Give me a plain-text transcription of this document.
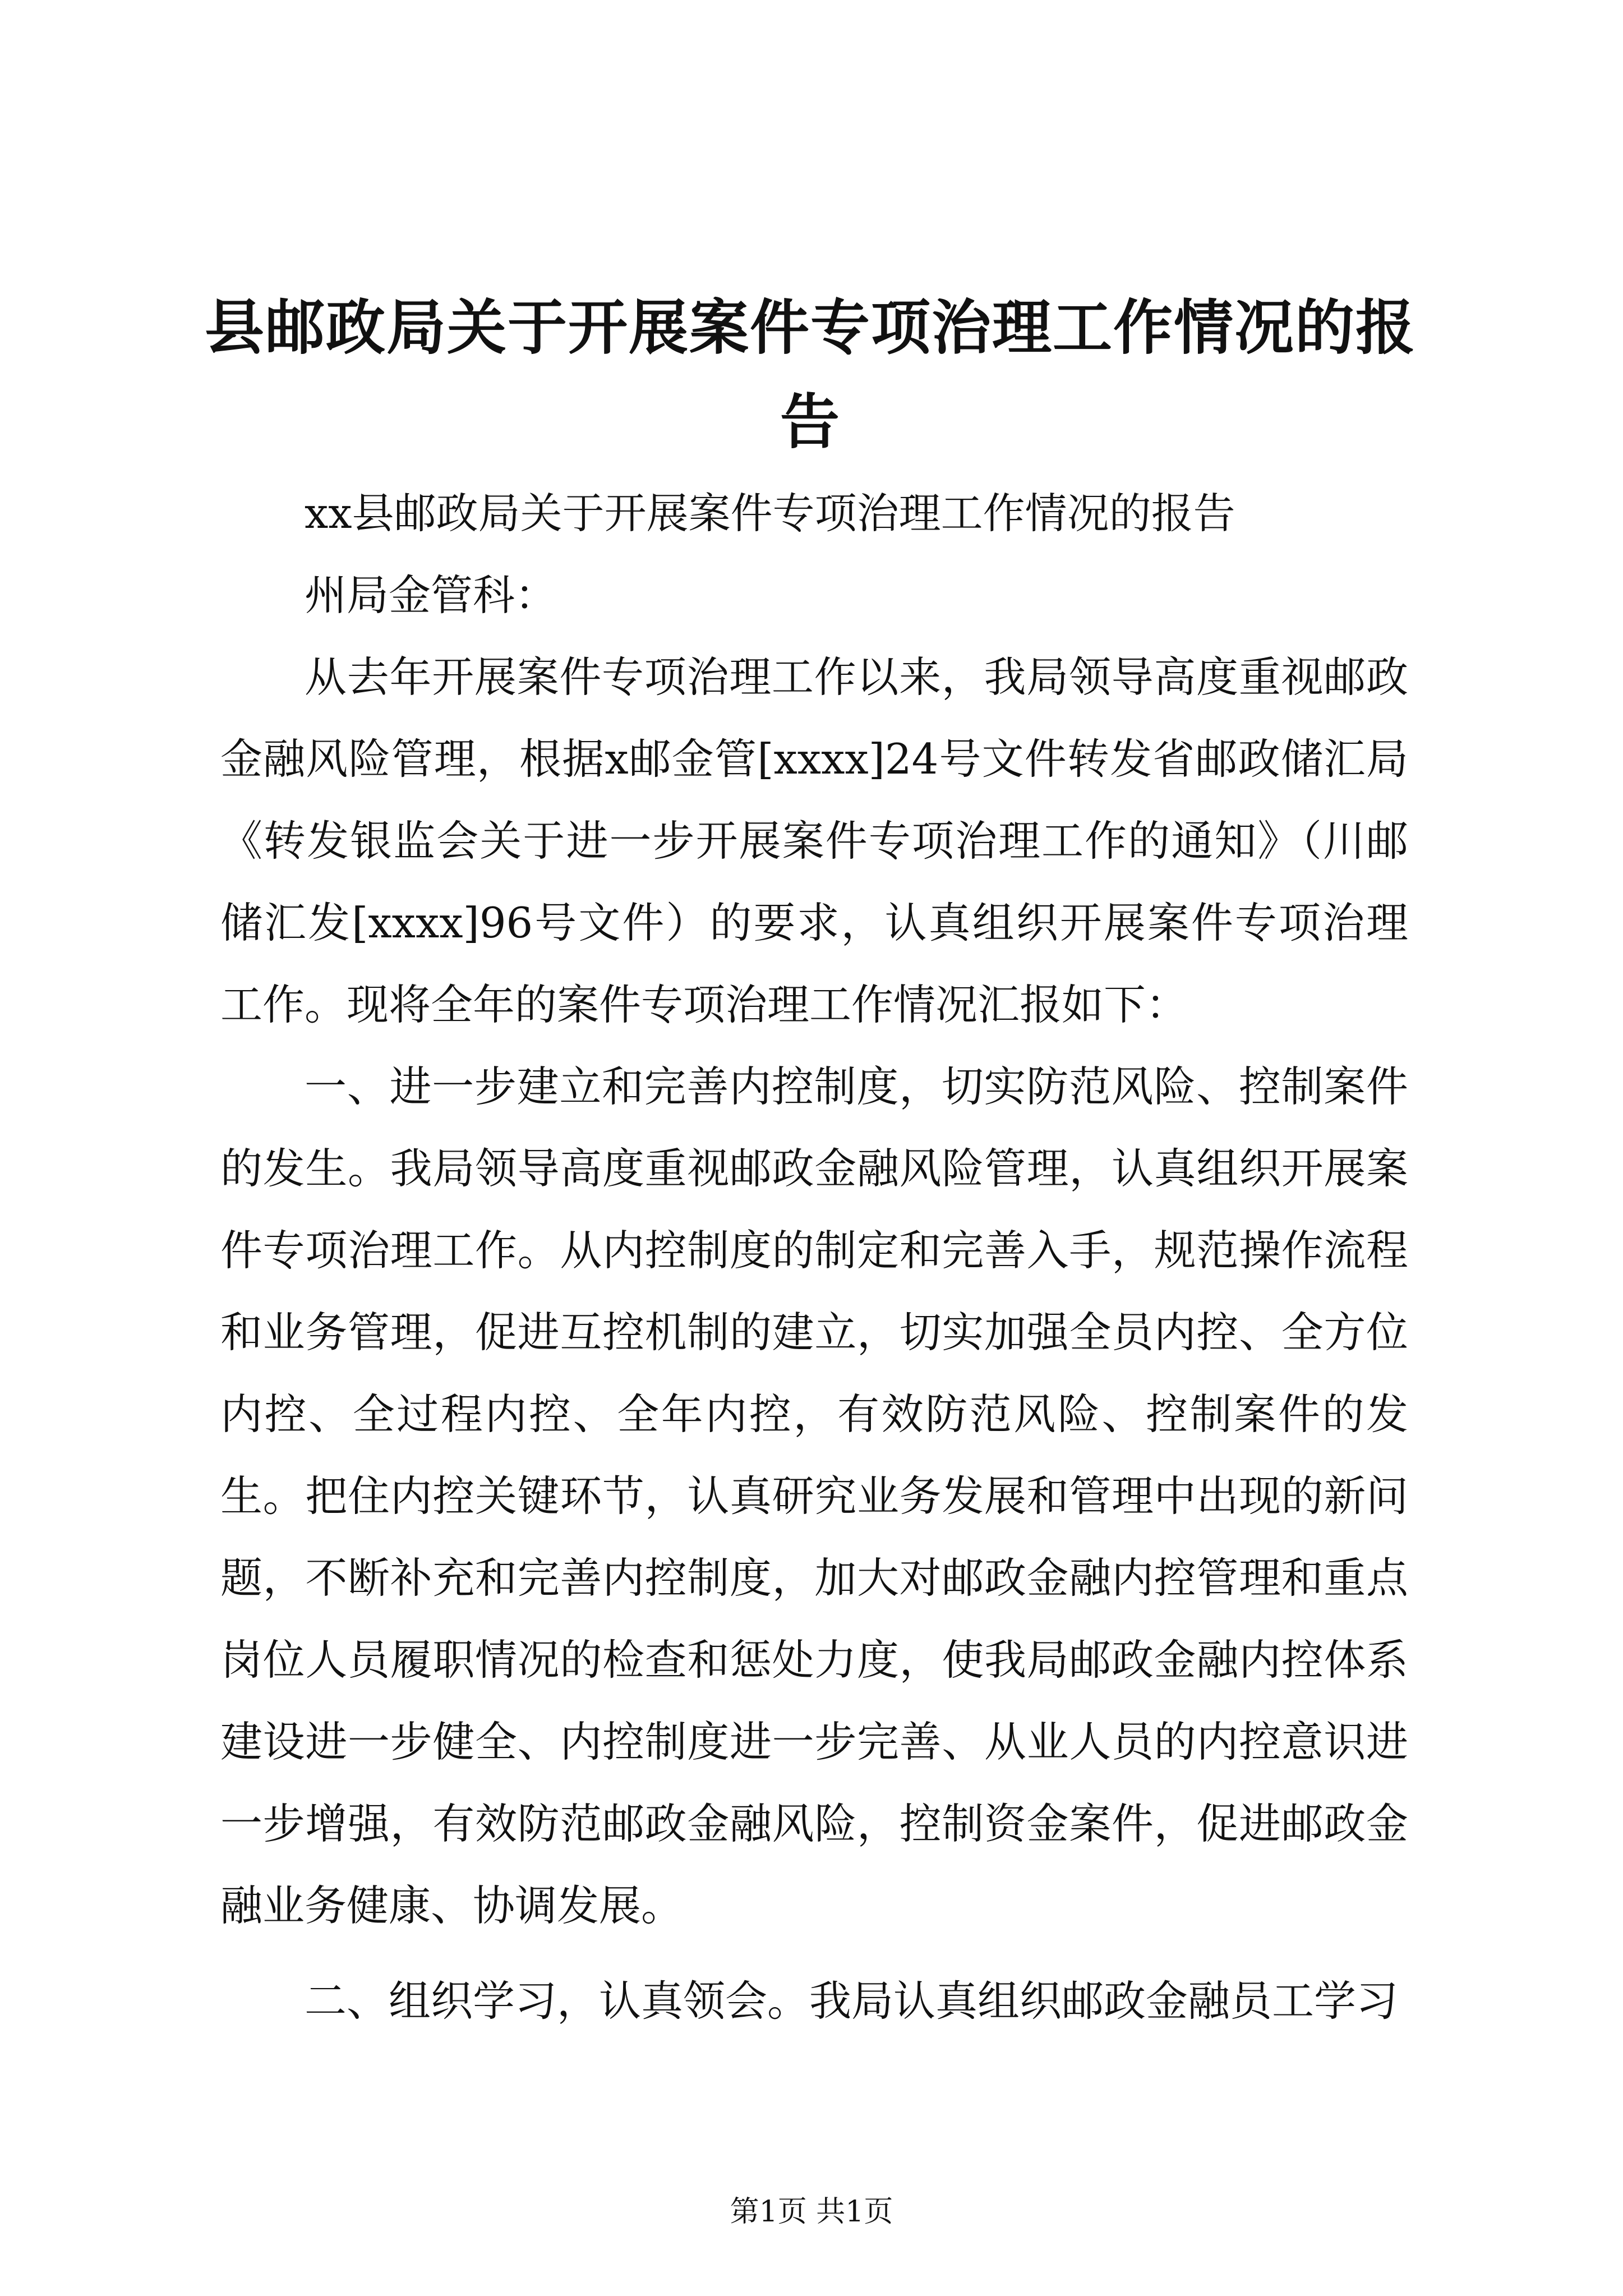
县邮政局关于开展案件专项治理工作情况的报告

xx县邮政局关于开展案件专项治理工作情况的报告

州局金管科：

从去年开展案件专项治理工作以来，我局领导高度重视邮政金融风险管理，根据x邮金管[xxxx]24号文件转发省邮政储汇局《转发银监会关于进一步开展案件专项治理工作的通知》（川邮储汇发[xxxx]96号文件）的要求，认真组织开展案件专项治理工作。现将全年的案件专项治理工作情况汇报如下：

一、进一步建立和完善内控制度，切实防范风险、控制案件的发生。我局领导高度重视邮政金融风险管理，认真组织开展案件专项治理工作。从内控制度的制定和完善入手，规范操作流程和业务管理，促进互控机制的建立，切实加强全员内控、全方位内控、全过程内控、全年内控，有效防范风险、控制案件的发生。把住内控关键环节，认真研究业务发展和管理中出现的新问题，不断补充和完善内控制度，加大对邮政金融内控管理和重点岗位人员履职情况的检查和惩处力度，使我局邮政金融内控体系建设进一步健全、内控制度进一步完善、从业人员的内控意识进一步增强，有效防范邮政金融风险，控制资金案件，促进邮政金融业务健康、协调发展。

二、组织学习，认真领会。我局认真组织邮政金融员工学习

第1页 共1页
